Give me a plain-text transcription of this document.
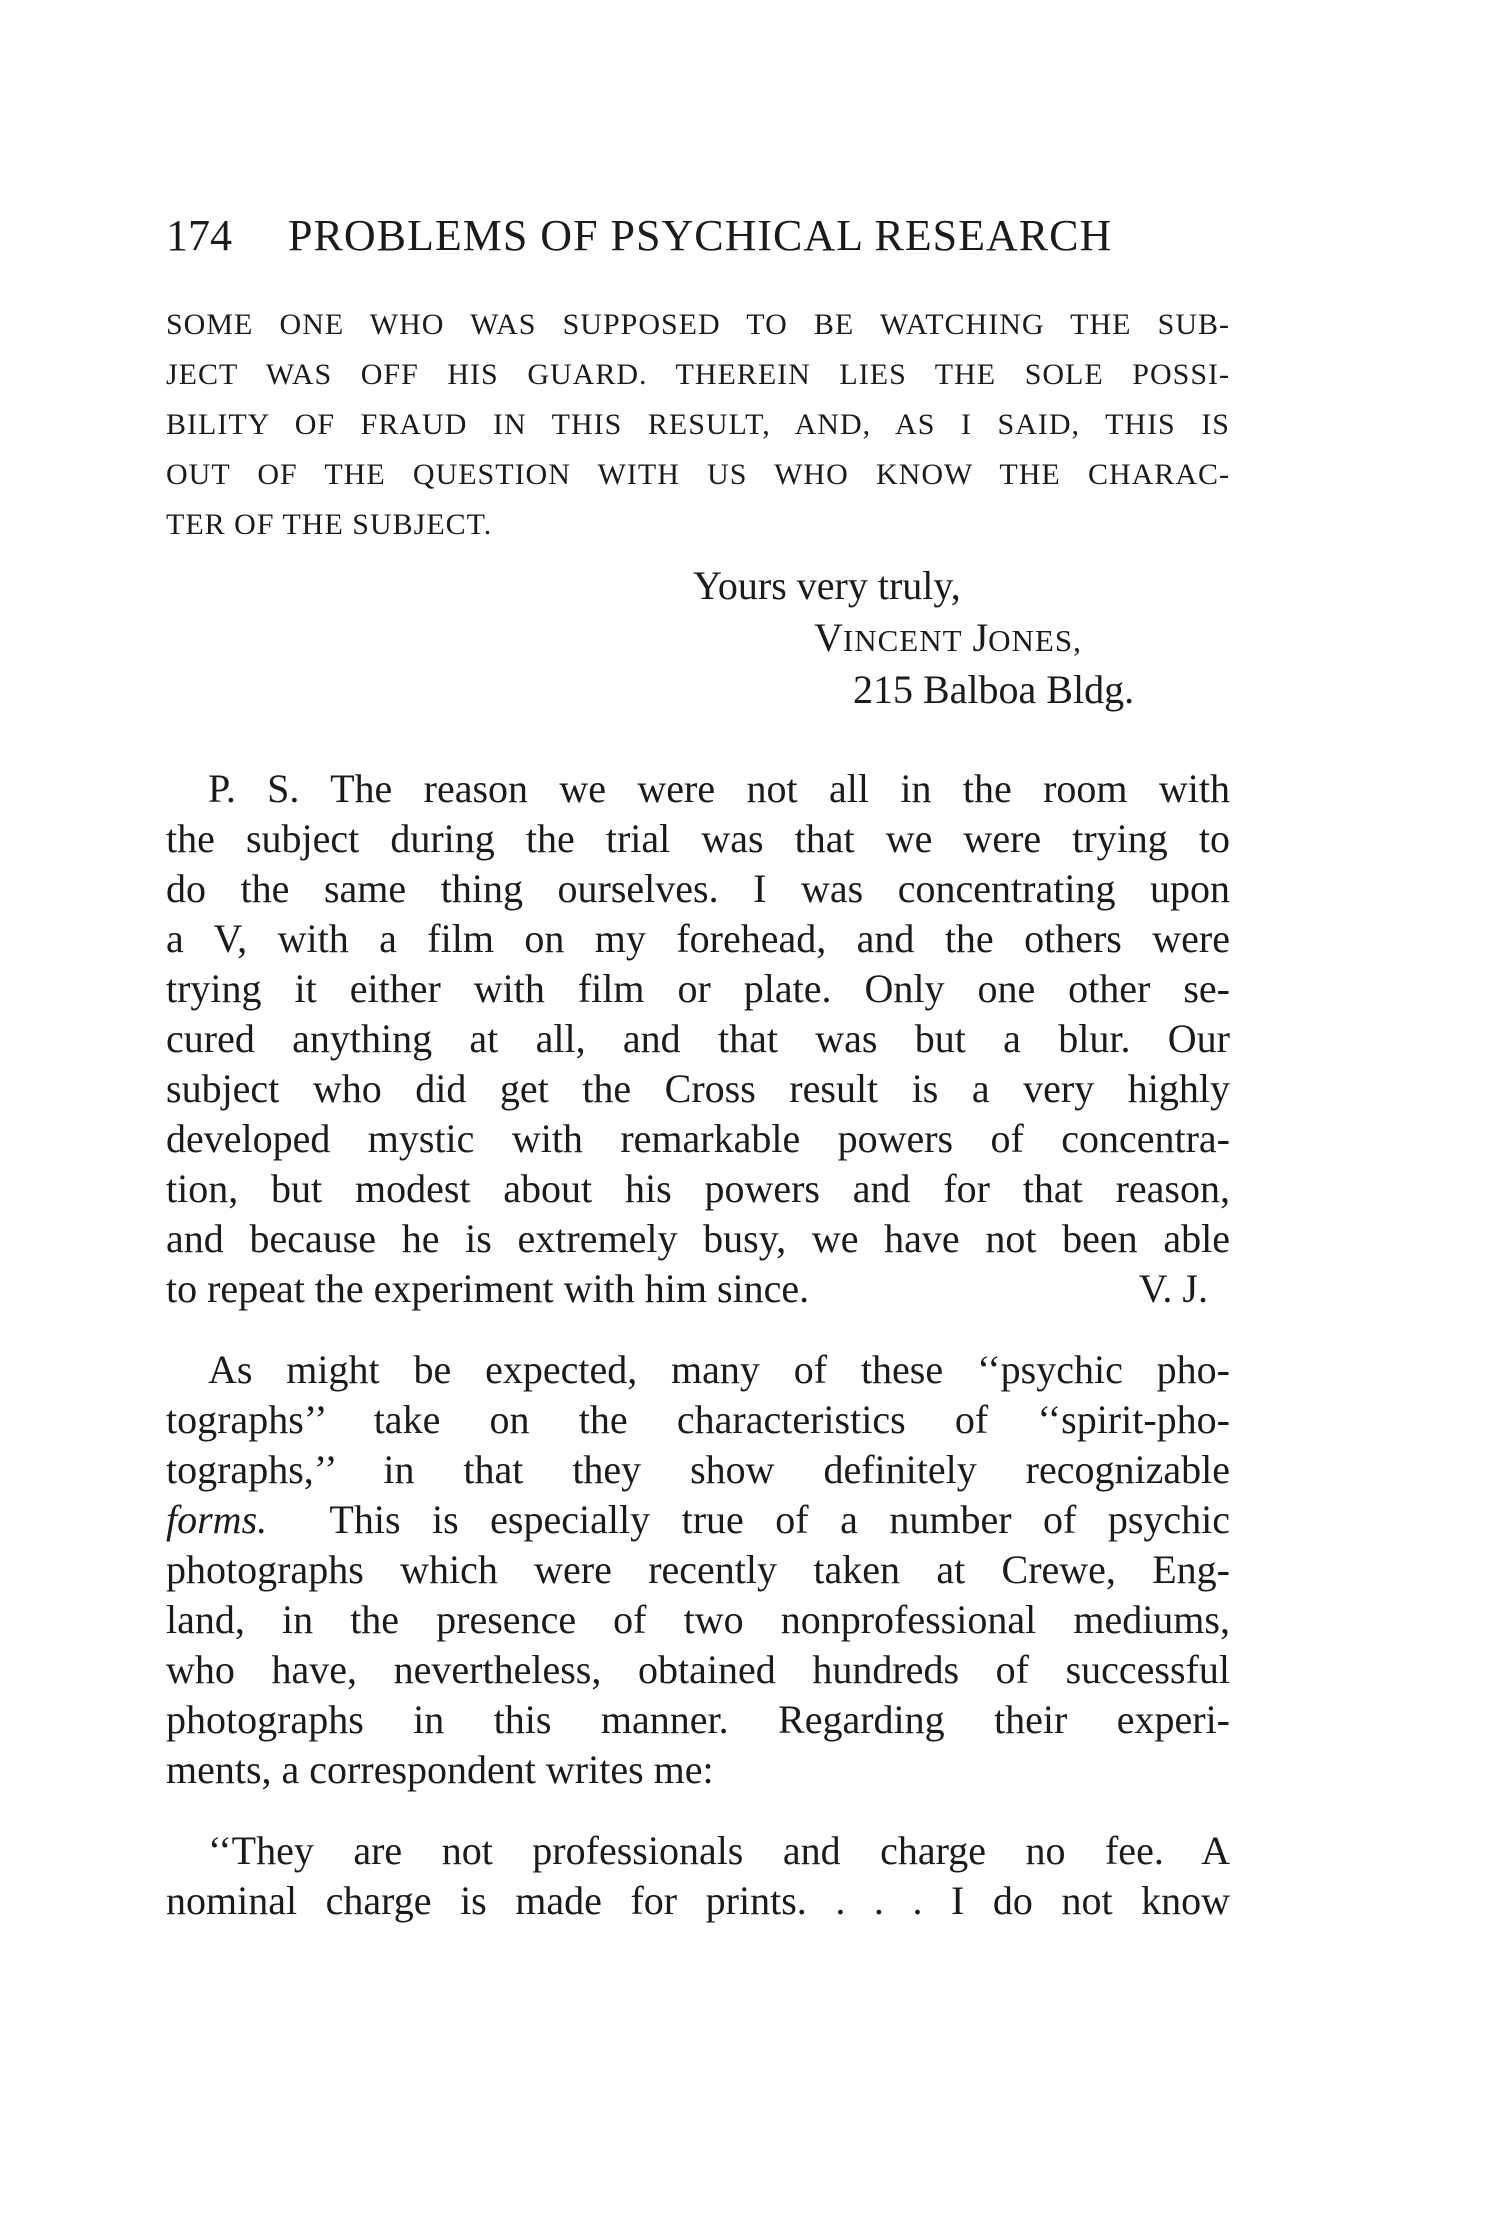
174 PROBLEMS OF PSYCHICAL RESEARCH
SOME ONE WHO WAS SUPPOSED TO BE WATCHING THE SUB-
JECT WAS OFF HIS GUARD. THEREIN LIES THE SOLE POSSI-
BILITY OF FRAUD IN THIS RESULT, AND, AS I SAID, THIS IS
OUT OF THE QUESTION WITH US WHO KNOW THE CHARAC-
TER OF THE SUBJECT.
Yours very truly,
VINCENT JONES,
215 Balboa Bldg.
P. S. The reason we were not all in the room with
the subject during the trial was that we were trying to
do the same thing ourselves. I was concentrating upon
a V, with a film on my forehead, and the others were
trying it either with film or plate. Only one other se-
cured anything at all, and that was but a blur. Our
subject who did get the Cross result is a very highly
developed mystic with remarkable powers of concentra-
tion, but modest about his powers and for that reason,
and because he is extremely busy, we have not been able
to repeat the experiment with him since.	V. J.
As might be expected, many of these ‘‘psychic pho-
tographs’’ take on the characteristics of ‘‘spirit-pho-
tographs,’’ in that they show definitely recognizable
forms. This is especially true of a number of psychic
photographs which were recently taken at Crewe, Eng-
land, in the presence of two nonprofessional mediums,
who have, nevertheless, obtained hundreds of successful
photographs in this manner. Regarding their experi-
ments, a correspondent writes me:
‘‘They are not professionals and charge no fee. A
nominal charge is made for prints. . . . I do not know
